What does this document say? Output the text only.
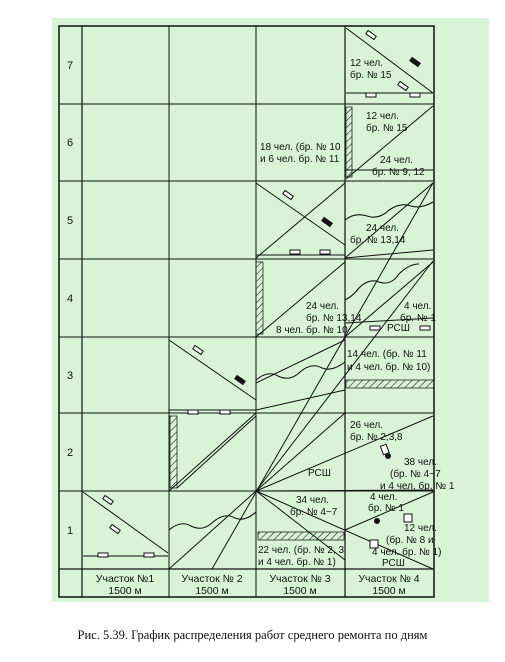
7
6
5
4
3
2
1
Участок №1
1500 м
Участок № 2
1500 м
Участок № 3
1500 м
Участок № 4
1500 м
12 чел.
бр. № 15
12 чел.
бр. № 15
24 чел.
бр. № 9, 12
18 чел. (бр. № 10
и 6 чел. бр. № 11
24 чел.
бр. № 13,14
24 чел.
бр. № 13,14
8 чел. бр. № 10
4 чел.
бр. № 1
РСШ
14 чел. (бр. № 11
и 4 чел. бр. № 10)
26 чел.
бр. № 2,3,8
38 чел.
(бр. № 4−7
и 4 чел. бр. № 1
РСШ
34 чел.
бр. № 4−7
4 чел.
бр. № 1
12 чел.
(бр. № 8 и
4 чел. бр. № 1)
РСШ
22 чел. (бр. № 2, 3
и 4 чел. бр. № 1)
Рис. 5.39. График распределения работ среднего ремонта по дням
